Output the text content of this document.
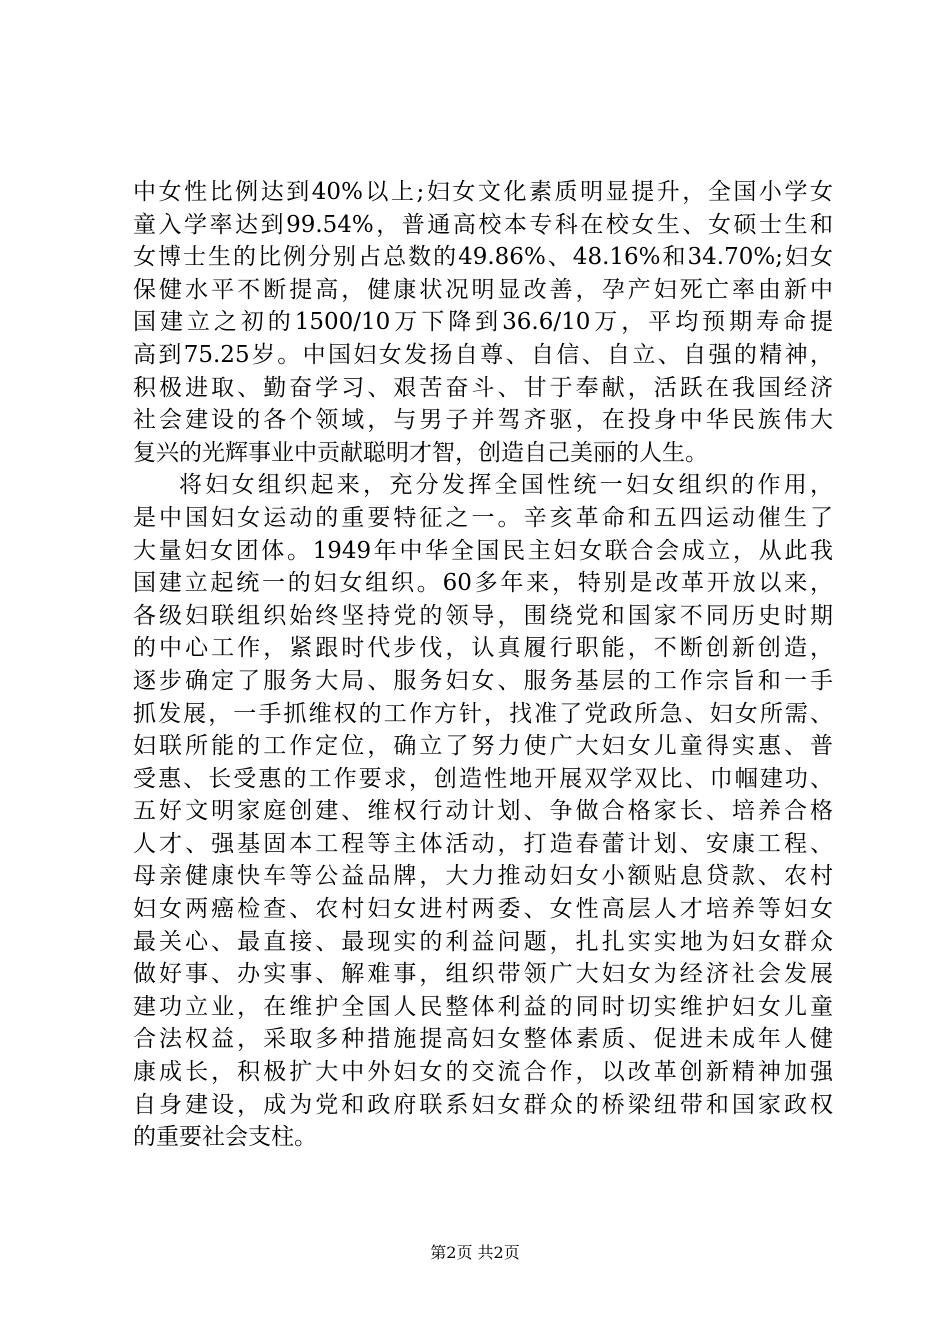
中女性比例达到40%以上;妇女文化素质明显提升，全国小学女
童入学率达到99.54%，普通高校本专科在校女生、女硕士生和
女博士生的比例分别占总数的49.86%、48.16%和34.70%;妇女
保健水平不断提高，健康状况明显改善，孕产妇死亡率由新中
国建立之初的1500/10万下降到36.6/10万，平均预期寿命提
高到75.25岁。中国妇女发扬自尊、自信、自立、自强的精神，
积极进取、勤奋学习、艰苦奋斗、甘于奉献，活跃在我国经济
社会建设的各个领域，与男子并驾齐驱，在投身中华民族伟大
复兴的光辉事业中贡献聪明才智，创造自己美丽的人生。
将妇女组织起来，充分发挥全国性统一妇女组织的作用，
是中国妇女运动的重要特征之一。辛亥革命和五四运动催生了
大量妇女团体。1949年中华全国民主妇女联合会成立，从此我
国建立起统一的妇女组织。60多年来，特别是改革开放以来，
各级妇联组织始终坚持党的领导，围绕党和国家不同历史时期
的中心工作，紧跟时代步伐，认真履行职能，不断创新创造，
逐步确定了服务大局、服务妇女、服务基层的工作宗旨和一手
抓发展，一手抓维权的工作方针，找准了党政所急、妇女所需、
妇联所能的工作定位，确立了努力使广大妇女儿童得实惠、普
受惠、长受惠的工作要求，创造性地开展双学双比、巾帼建功、
五好文明家庭创建、维权行动计划、争做合格家长、培养合格
人才、强基固本工程等主体活动，打造春蕾计划、安康工程、
母亲健康快车等公益品牌，大力推动妇女小额贴息贷款、农村
妇女两癌检查、农村妇女进村两委、女性高层人才培养等妇女
最关心、最直接、最现实的利益问题，扎扎实实地为妇女群众
做好事、办实事、解难事，组织带领广大妇女为经济社会发展
建功立业，在维护全国人民整体利益的同时切实维护妇女儿童
合法权益，采取多种措施提高妇女整体素质、促进未成年人健
康成长，积极扩大中外妇女的交流合作，以改革创新精神加强
自身建设，成为党和政府联系妇女群众的桥梁纽带和国家政权
的重要社会支柱。
第2页 共2页
